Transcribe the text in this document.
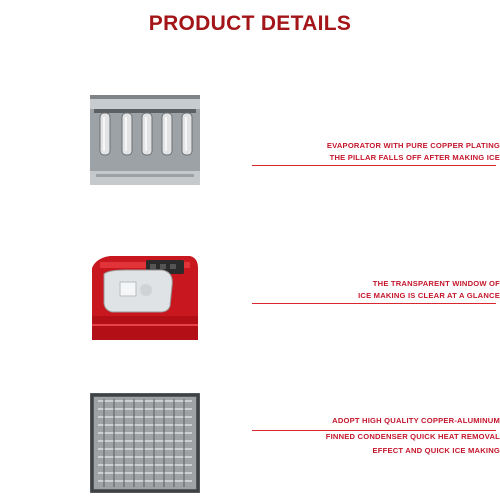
PRODUCT DETAILS
EVAPORATOR WITH PURE COPPER PLATING
THE PILLAR FALLS OFF AFTER MAKING ICE
THE TRANSPARENT WINDOW OF
ICE MAKING IS CLEAR AT A GLANCE
ADOPT HIGH QUALITY COPPER-ALUMINUM
FINNED CONDENSER QUICK HEAT REMOVAL
EFFECT AND QUICK ICE MAKING
